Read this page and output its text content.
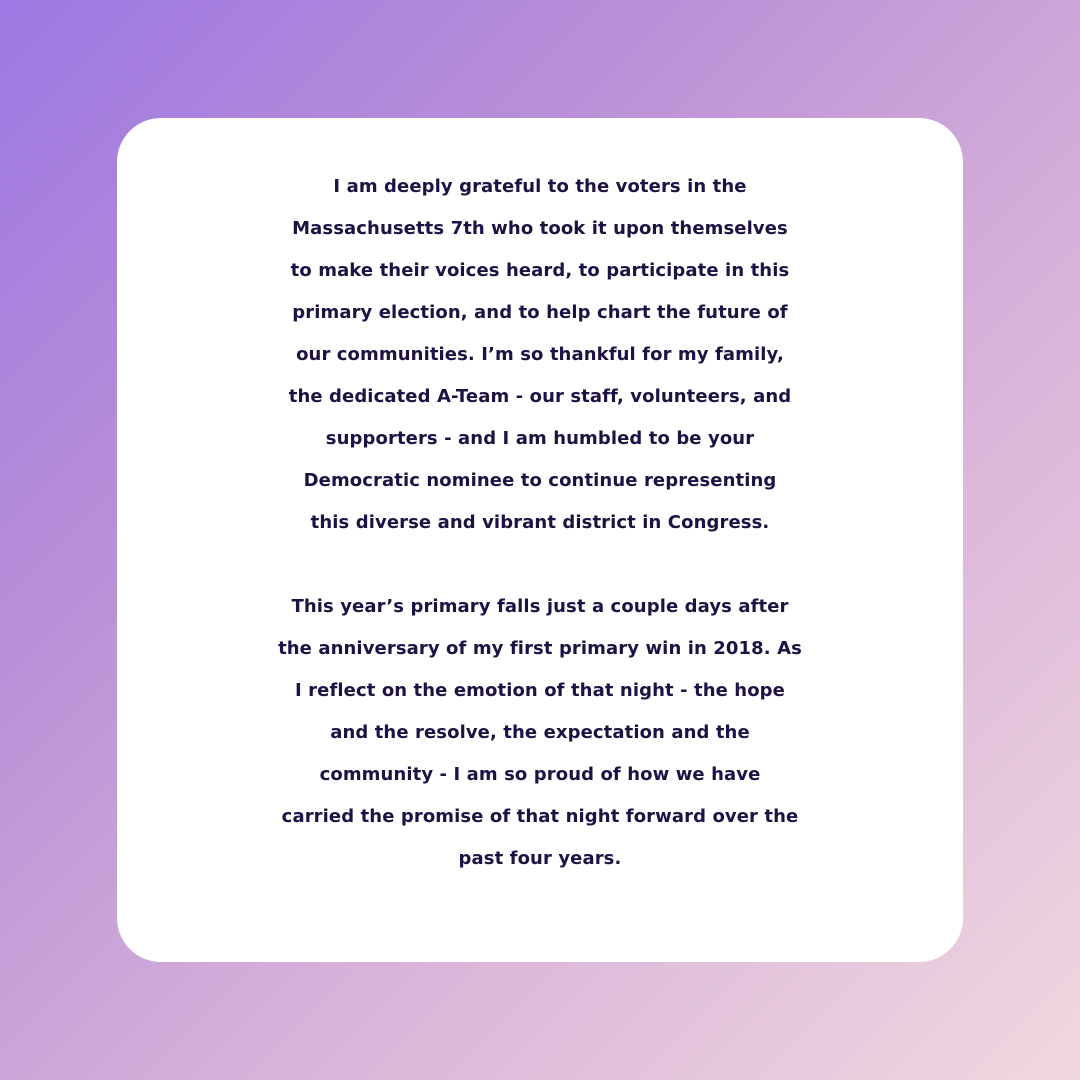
I am deeply grateful to the voters in the
Massachusetts 7th who took it upon themselves
to make their voices heard, to participate in this
primary election, and to help chart the future of
our communities. I’m so thankful for my family,
the dedicated A-Team - our staff, volunteers, and
supporters - and I am humbled to be your
Democratic nominee to continue representing
this diverse and vibrant district in Congress.
This year’s primary falls just a couple days after
the anniversary of my first primary win in 2018. As
I reflect on the emotion of that night - the hope
and the resolve, the expectation and the
community - I am so proud of how we have
carried the promise of that night forward over the
past four years.
